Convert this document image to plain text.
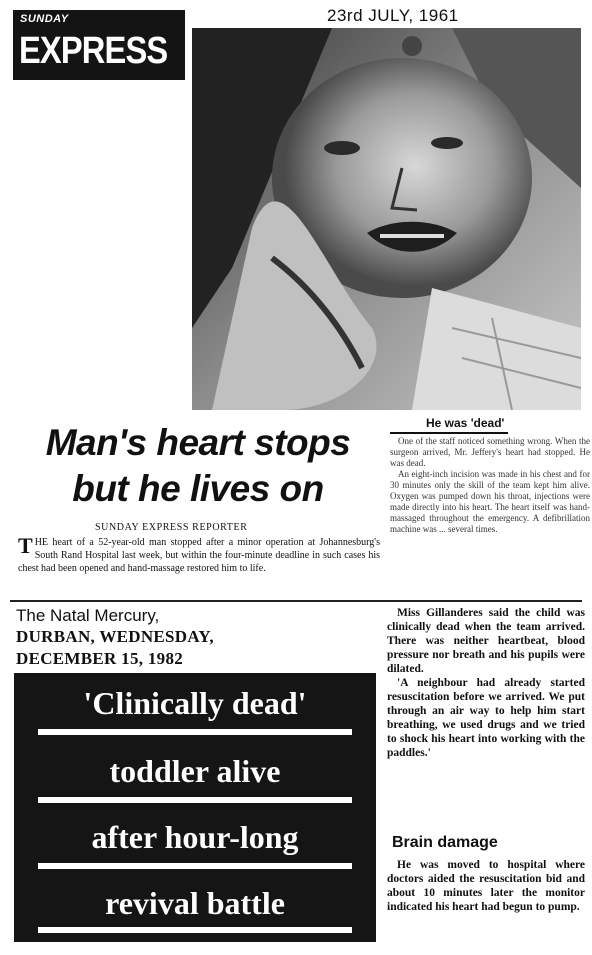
SUNDAY
EXPRESS
23rd JULY, 1961
Man's heart stops
but he lives on
SUNDAY EXPRESS REPORTER
THE heart of a 52-year-old man stopped after a minor operation at Johannesburg's South Rand Hospital last week, but within the four-minute deadline in such cases his chest had been opened and hand-massage restored him to life.
He was 'dead'
One of the staff noticed something wrong. When the surgeon arrived, Mr. Jeffery's heart had stopped. He was dead.
An eight-inch incision was made in his chest and for 30 minutes only the skill of the team kept him alive. Oxygen was pumped down his throat, injections were made directly into his heart. The heart itself was hand-massaged throughout the emergency. A defibrillation machine was ... several times.
The Natal Mercury,
DURBAN, WEDNESDAY,
DECEMBER 15, 1982
'Clinically dead'
toddler alive
after hour-long
revival battle

Miss Gillanderes said the child was clinically dead when the team arrived. There was neither heartbeat, blood pressure nor breath and his pupils were dilated.

'A neighbour had already started resuscitation before we arrived. We put through an air way to help him start breathing, we used drugs and we tried to shock his heart into working with the paddles.'

Brain damage

He was moved to hospital where doctors aided the resuscitation bid and about 10 minutes later the monitor indicated his heart had begun to pump.
